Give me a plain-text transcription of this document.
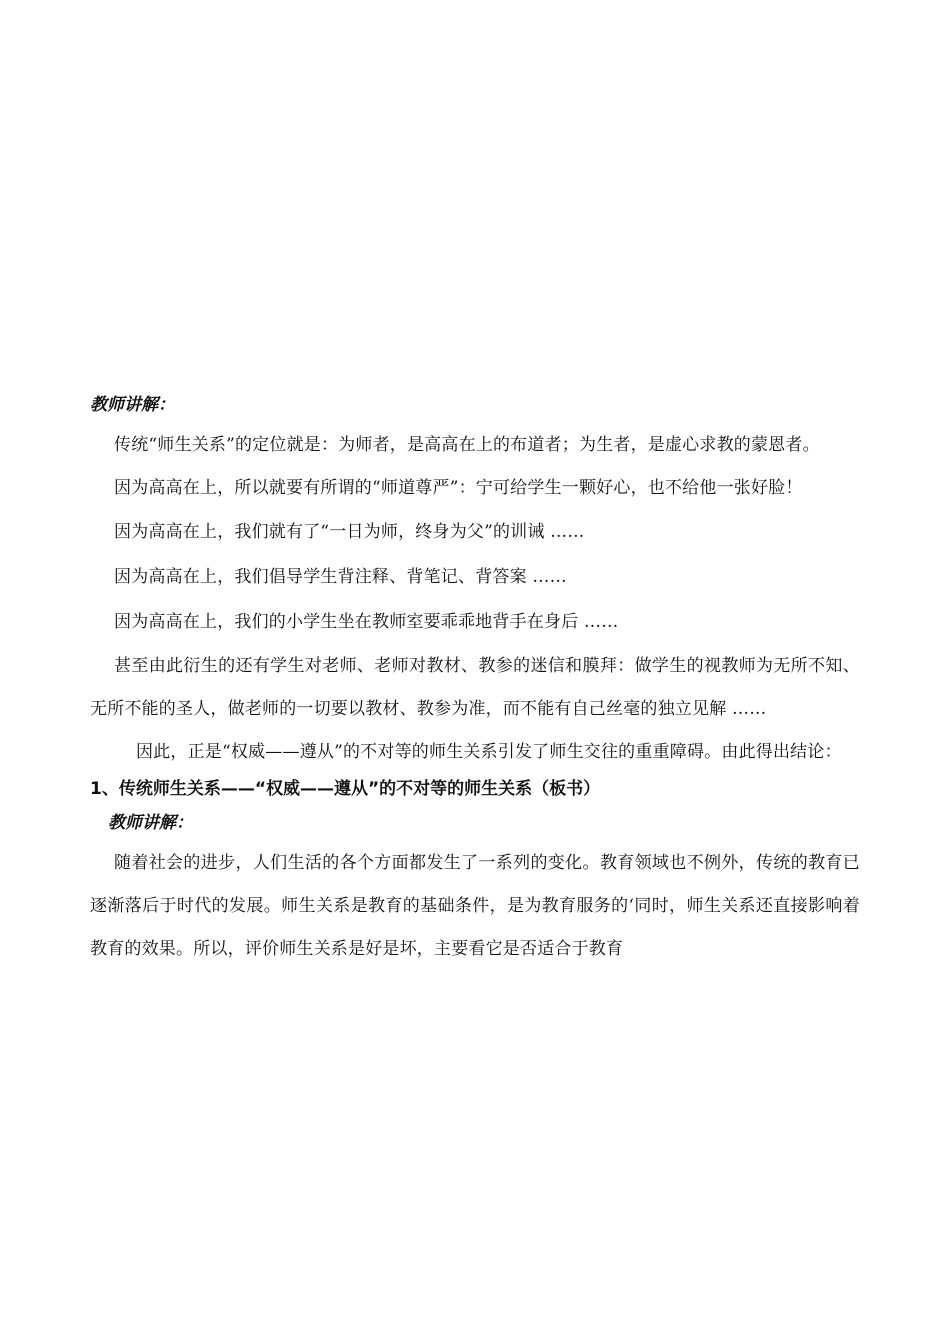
教师讲解：

传统“师生关系”的定位就是：为师者，是高高在上的布道者；为生者，是虚心求教的蒙恩者。

因为高高在上，所以就要有所谓的“师道尊严”：宁可给学生一颗好心，也不给他一张好脸！

因为高高在上，我们就有了“一日为师，终身为父”的训诫 ……

因为高高在上，我们倡导学生背注释、背笔记、背答案 ……

因为高高在上，我们的小学生坐在教师室要乖乖地背手在身后 ……

甚至由此衍生的还有学生对老师、老师对教材、教参的迷信和膜拜：做学生的视教师为无所不知、无所不能的圣人，做老师的一切要以教材、教参为准，而不能有自己丝毫的独立见解 ……

因此，正是“权威——遵从”的不对等的师生关系引发了师生交往的重重障碍。由此得出结论：

1、传统师生关系——“权威——遵从”的不对等的师生关系（板书）
教师讲解：

随着社会的进步，人们生活的各个方面都发生了一系列的变化。教育领域也不例外，传统的教育已逐渐落后于时代的发展。师生关系是教育的基础条件，是为教育服务的‘同时，师生关系还直接影响着教育的效果。所以，评价师生关系是好是坏，主要看它是否适合于教育
